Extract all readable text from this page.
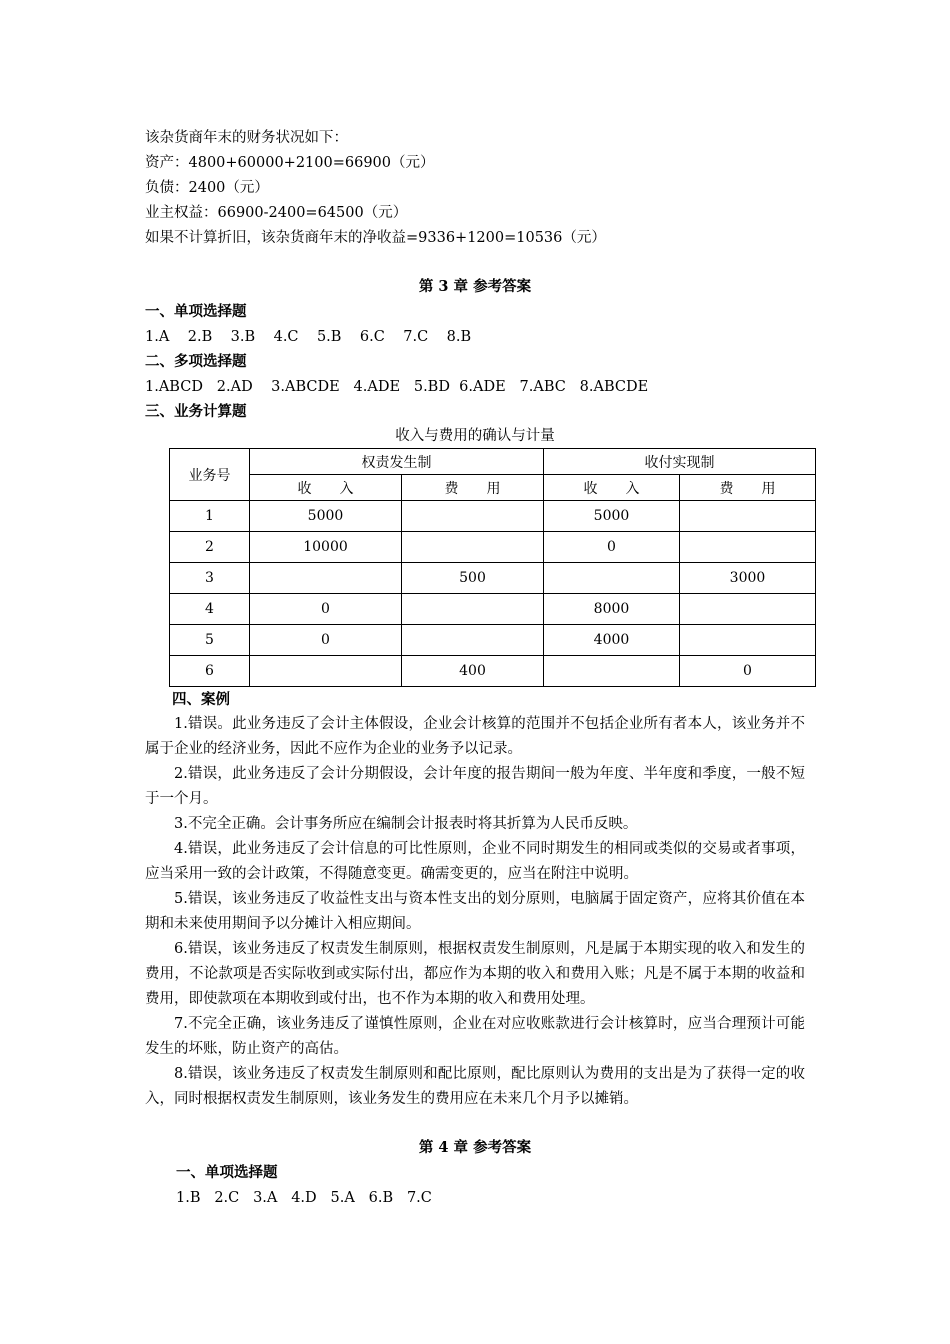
该杂货商年末的财务状况如下：
资产：4800+60000+2100=66900（元）
负债：2400（元）
业主权益：66900-2400=64500（元）
如果不计算折旧，该杂货商年末的净收益=9336+1200=10536（元）
第 3 章 参考答案
一、单项选择题
1.A    2.B    3.B    4.C    5.B    6.C    7.C    8.B
二、多项选择题
1.ABCD   2.AD    3.ABCDE   4.ADE   5.BD  6.ADE   7.ABC   8.ABCDE
三、业务计算题
收入与费用的确认与计量
业务号	权责发生制		收付实现制	
	收　　入	费　　用	收　　入	费　　用
1	5000		5000	
2	10000		0	
3		500		3000
4	0		8000	
5	0		4000	
6		400		0
四、案例
1.错误。此业务违反了会计主体假设，企业会计核算的范围并不包括企业所有者本人，该业务并不属于企业的经济业务，因此不应作为企业的业务予以记录。
2.错误，此业务违反了会计分期假设，会计年度的报告期间一般为年度、半年度和季度，一般不短于一个月。
3.不完全正确。会计事务所应在编制会计报表时将其折算为人民币反映。
4.错误，此业务违反了会计信息的可比性原则，企业不同时期发生的相同或类似的交易或者事项，应当采用一致的会计政策，不得随意变更。确需变更的，应当在附注中说明。
5.错误，该业务违反了收益性支出与资本性支出的划分原则，电脑属于固定资产，应将其价值在本期和未来使用期间予以分摊计入相应期间。
6.错误，该业务违反了权责发生制原则，根据权责发生制原则，凡是属于本期实现的收入和发生的费用，不论款项是否实际收到或实际付出，都应作为本期的收入和费用入账；凡是不属于本期的收益和费用，即使款项在本期收到或付出，也不作为本期的收入和费用处理。
7.不完全正确，该业务违反了谨慎性原则，企业在对应收账款进行会计核算时，应当合理预计可能发生的坏账，防止资产的高估。
8.错误，该业务违反了权责发生制原则和配比原则，配比原则认为费用的支出是为了获得一定的收入，同时根据权责发生制原则，该业务发生的费用应在未来几个月予以摊销。
第 4 章 参考答案
一、单项选择题
1.B   2.C   3.A   4.D   5.A   6.B   7.C
